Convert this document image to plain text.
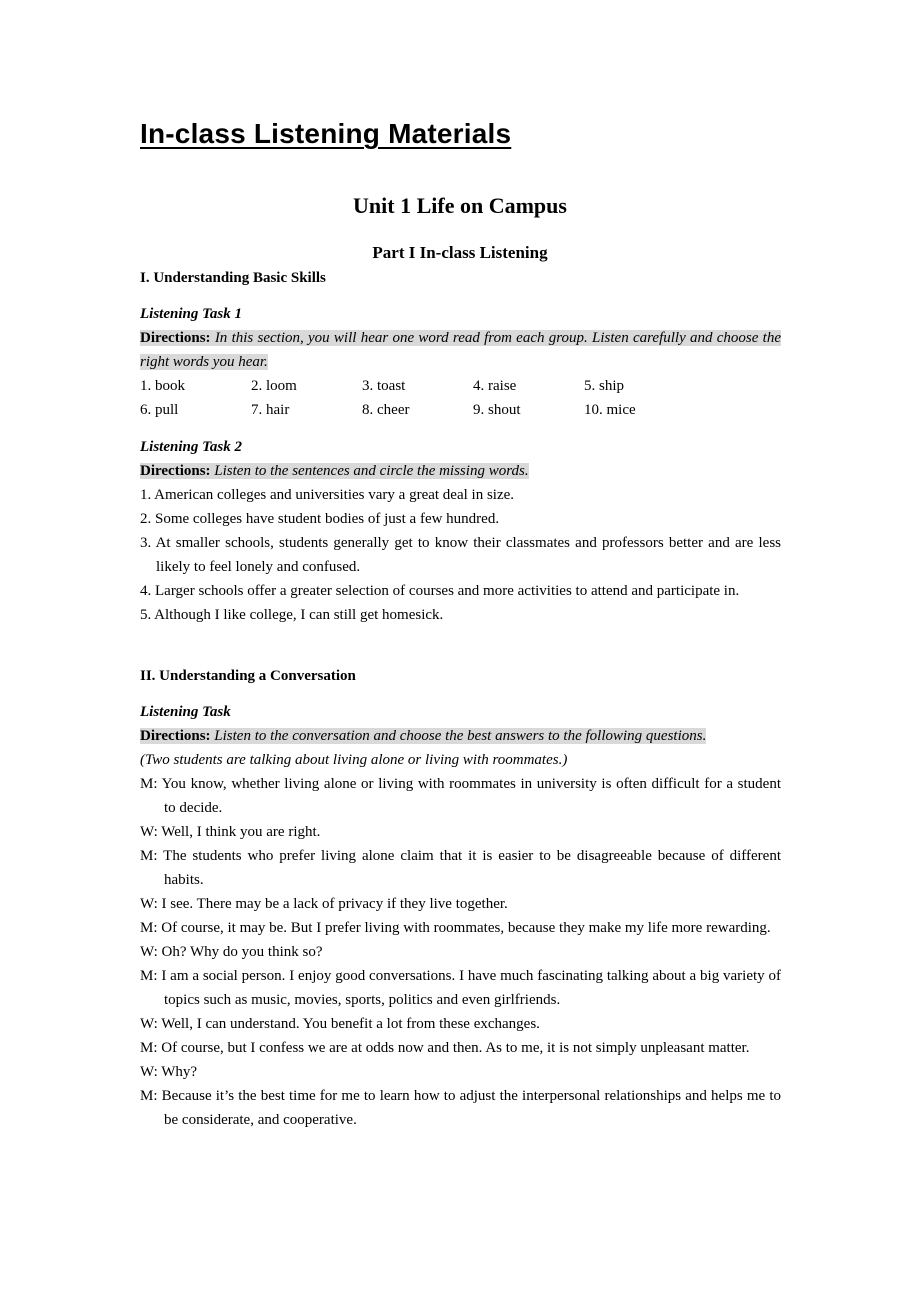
In-class Listening Materials
Unit 1 Life on Campus
Part I In-class Listening
I. Understanding Basic Skills
Listening Task 1
Directions: In this section, you will hear one word read from each group. Listen carefully and choose the right words you hear.
1. book	2. loom	3. toast	4. raise	5. ship
6. pull	7. hair	8. cheer	9. shout	10. mice
Listening Task 2
Directions: Listen to the sentences and circle the missing words.
1. American colleges and universities vary a great deal in size.
2. Some colleges have student bodies of just a few hundred.
3. At smaller schools, students generally get to know their classmates and professors better and are less likely to feel lonely and confused.
4. Larger schools offer a greater selection of courses and more activities to attend and participate in.
5. Although I like college, I can still get homesick.
II. Understanding a Conversation
Listening Task
Directions: Listen to the conversation and choose the best answers to the following questions.
(Two students are talking about living alone or living with roommates.)
M: You know, whether living alone or living with roommates in university is often difficult for a student to decide.
W: Well, I think you are right.
M: The students who prefer living alone claim that it is easier to be disagreeable because of different habits.
W: I see. There may be a lack of privacy if they live together.
M: Of course, it may be. But I prefer living with roommates, because they make my life more rewarding.
W: Oh? Why do you think so?
M: I am a social person. I enjoy good conversations. I have much fascinating talking about a big variety of topics such as music, movies, sports, politics and even girlfriends.
W: Well, I can understand. You benefit a lot from these exchanges.
M: Of course, but I confess we are at odds now and then. As to me, it is not simply unpleasant matter.
W: Why?
M: Because it’s the best time for me to learn how to adjust the interpersonal relationships and helps me to be considerate, and cooperative.
